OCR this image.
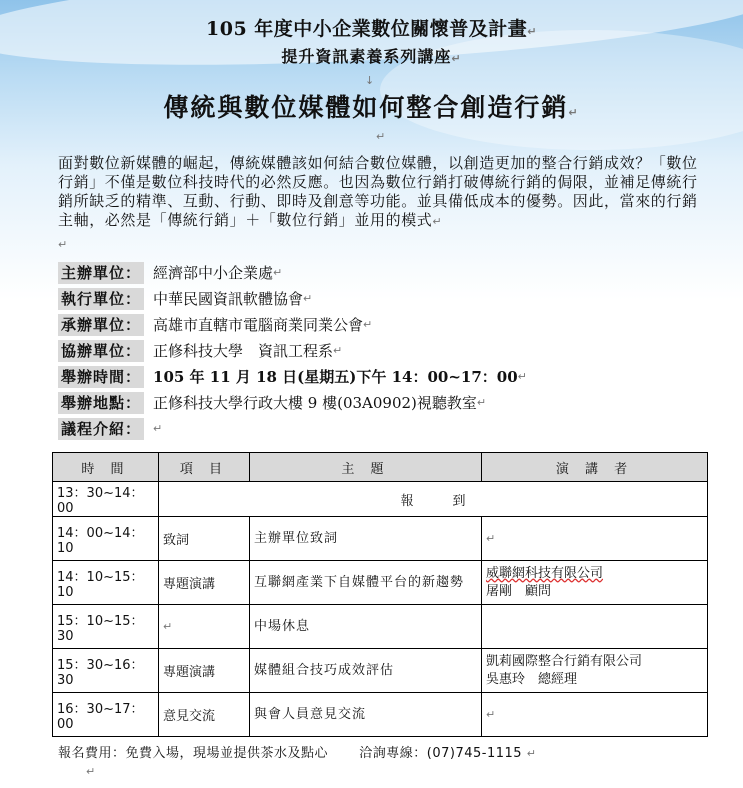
105 年度中小企業數位關懷普及計畫↵
提升資訊素養系列講座↵
↓
傳統與數位媒體如何整合創造行銷↵
↵
面對數位新媒體的崛起，傳統媒體該如何結合數位媒體，以創造更加的整合行銷成效？「數位行銷」不僅是數位科技時代的必然反應。也因為數位行銷打破傳統行銷的侷限，並補足傳統行銷所缺乏的精準、互動、行動、即時及創意等功能。並具備低成本的優勢。因此，當來的行銷主軸，必然是「傳統行銷」＋「數位行銷」並用的模式↵
↵
主辦單位： 經濟部中小企業處 ↵
執行單位： 中華民國資訊軟體協會 ↵
承辦單位： 高雄市直轄市電腦商業同業公會 ↵
協辦單位： 正修科技大學　資訊工程系 ↵
舉辦時間： 105 年 11 月 18 日(星期五)下午 14：00~17：00 ↵
舉辦地點： 正修科技大學行政大樓 9 樓(03A0902)視聽教室 ↵
議程介紹： ↵
時 間	項 目	主 題	演 講 者
13：30~14：00	報　　　到		
14：00~14：10	致詞	主辦單位致詞	↵
14：10~15：10	專題演講	互聯網產業下自媒體平台的新趨勢	威聯網科技有限公司
屠剛　顧問

15：10~15：30	↵	中場休息	
15：30~16：30	專題演講	媒體組合技巧成效評估	凱莉國際整合行銷有限公司
吳惠玲　總經理

16：30~17：00	意見交流	與會人員意見交流	↵
報名費用：免費入場，現場並提供茶水及點心 洽詢專線：(07)745-1115 ↵
↵
